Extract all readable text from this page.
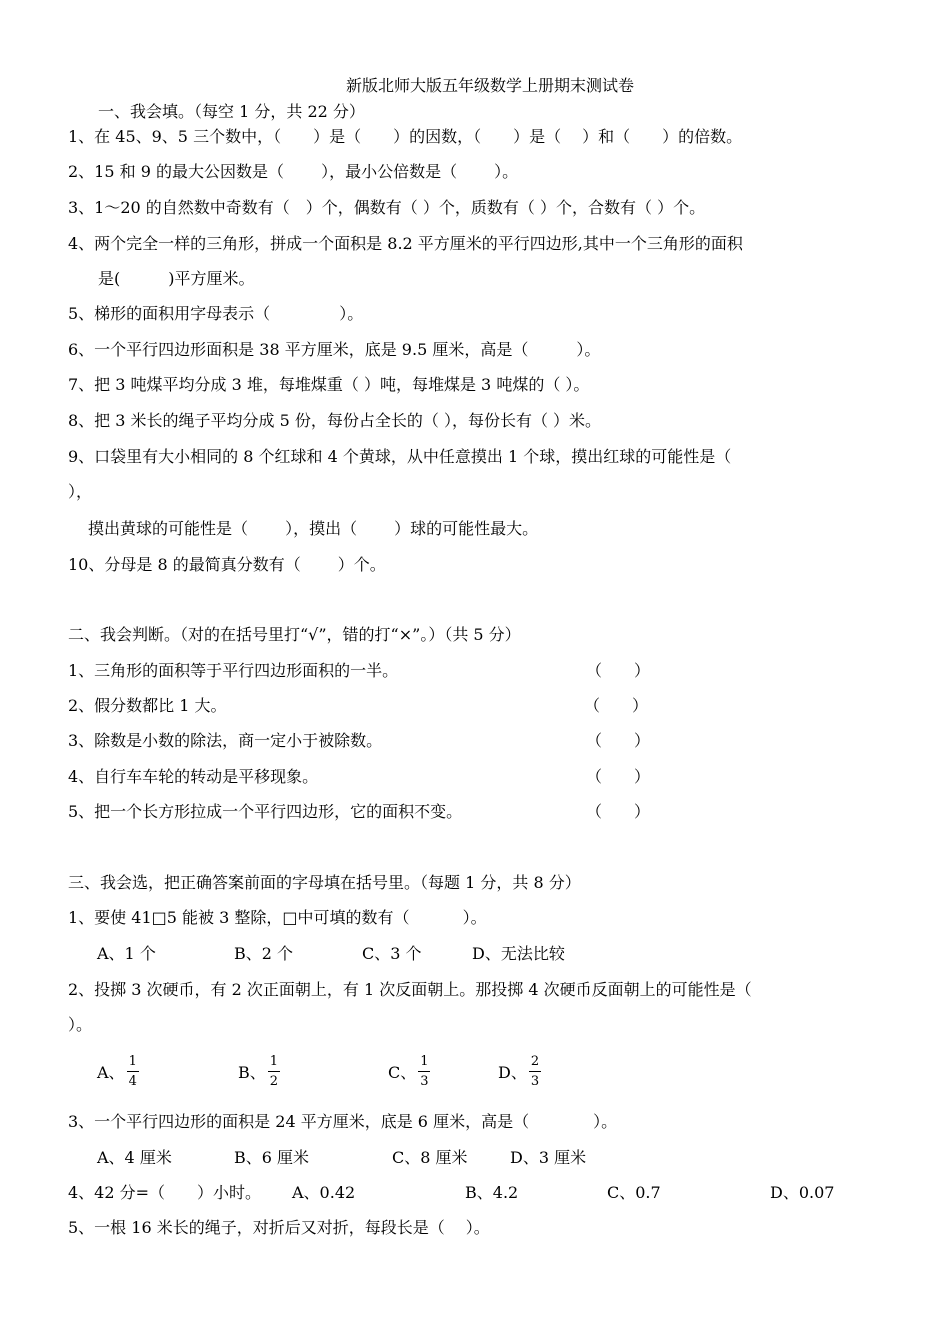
新版北师大版五年级数学上册期末测试卷
一、我会填。（每空 1 分，共 22 分）
1、在 45、9、5 三个数中，（　　）是（　　）的因数，（　　）是（　 ）和（　　）的倍数。
2、15 和 9 的最大公因数是（　　 ），最小公倍数是（　　 ）。
3、1～20 的自然数中奇数有（　）个，偶数有（ ）个，质数有（ ）个，合数有（ ）个。
4、两个完全一样的三角形，拼成一个面积是 8.2 平方厘米的平行四边形,其中一个三角形的面积
是(　　　)平方厘米。
5、梯形的面积用字母表示（　　　　 ）。
6、一个平行四边形面积是 38 平方厘米，底是 9.5 厘米，高是（　　　）。
7、把 3 吨煤平均分成 3 堆，每堆煤重（ ）吨，每堆煤是 3 吨煤的（ ）。
8、把 3 米长的绳子平均分成 5 份，每份占全长的（ ），每份长有（ ）米。
9、口袋里有大小相同的 8 个红球和 4 个黄球，从中任意摸出 1 个球，摸出红球的可能性是（
），
摸出黄球的可能性是（　　 ），摸出（　　 ）球的可能性最大。
10、分母是 8 的最简真分数有（　　 ）个。
二、我会判断。（对的在括号里打“√”，错的打“×”。）（共 5 分）
1、三角形的面积等于平行四边形面积的一半。	（　　）
2、假分数都比 1 大。	（　　）
3、除数是小数的除法，商一定小于被除数。	（　　）
4、自行车车轮的转动是平移现象。	（　　）
5、把一个长方形拉成一个平行四边形，它的面积不变。	（　　）
三、我会选，把正确答案前面的字母填在括号里。（每题 1 分，共 8 分）
1、要使 41□5 能被 3 整除，□中可填的数有（　　　 ）。
A、1 个	B、2 个	C、3 个	D、无法比较
2、投掷 3 次硬币，有 2 次正面朝上，有 1 次反面朝上。那投掷 4 次硬币反面朝上的可能性是（
）。
A、 $\frac{1}{4}$	B、 $\frac{1}{2}$	C、 $\frac{1}{3}$	D、 $\frac{2}{3}$
3、一个平行四边形的面积是 24 平方厘米，底是 6 厘米，高是（　　　　）。
A、4 厘米	B、6 厘米	C、8 厘米	D、3 厘米
4、42 分=（　　）小时。	A、0.42	B、4.2	C、0.7	D、0.07
5、一根 16 米长的绳子，对折后又对折，每段长是（　 ）。
